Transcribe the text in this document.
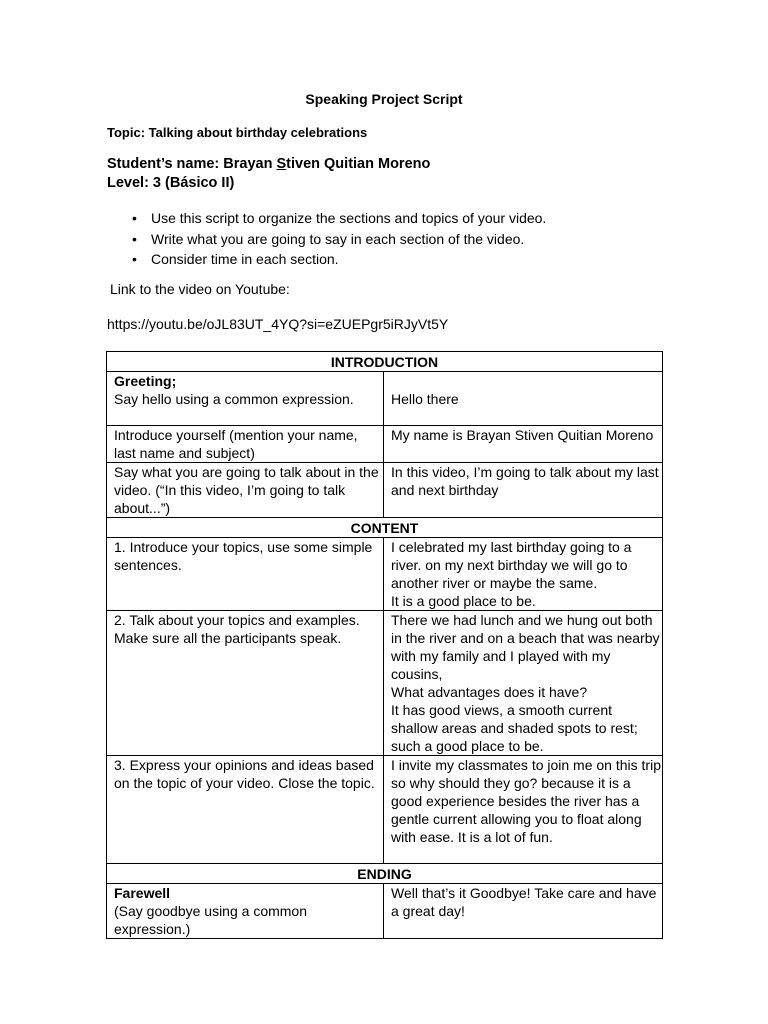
Speaking Project Script
Topic: Talking about birthday celebrations
Student’s name: Brayan Stiven Quitian Moreno
Level: 3 (Básico II)
• Use this script to organize the sections and topics of your video.
• Write what you are going to say in each section of the video.
• Consider time in each section.
Link to the video on Youtube:
https://youtu.be/oJL83UT_4YQ?si=eZUEPgr5iRJyVt5Y
INTRODUCTION	

Greeting;
Say hello using a common expression.	Hello there
Introduce yourself (mention your name, last name and subject)	My name is Brayan Stiven Quitian Moreno
Say what you are going to talk about in the video. (“In this video, I’m going to talk about...”)	In this video, I’m going to talk about my last and next birthday
CONTENT	
1. Introduce your topics, use some simple sentences.	I celebrated my last birthday going to a river. on my next birthday we will go to another river or maybe the same.
It is a good place to be.

2. Talk about your topics and examples. Make sure all the participants speak.	There we had lunch and we hung out both in the river and on a beach that was nearby with my family and I played with my cousins,
What advantages does it have?
It has good views, a smooth current shallow areas and shaded spots to rest; such a good place to be.

3. Express your opinions and ideas based on the topic of your video. Close the topic.	I invite my classmates to join me on this trip so why should they go? because it is a good experience besides the river has a gentle current allowing you to float along with ease. It is a lot of fun.
ENDING	

Farewell
(Say goodbye using a common expression.)	Well that’s it Goodbye! Take care and have a great day!
